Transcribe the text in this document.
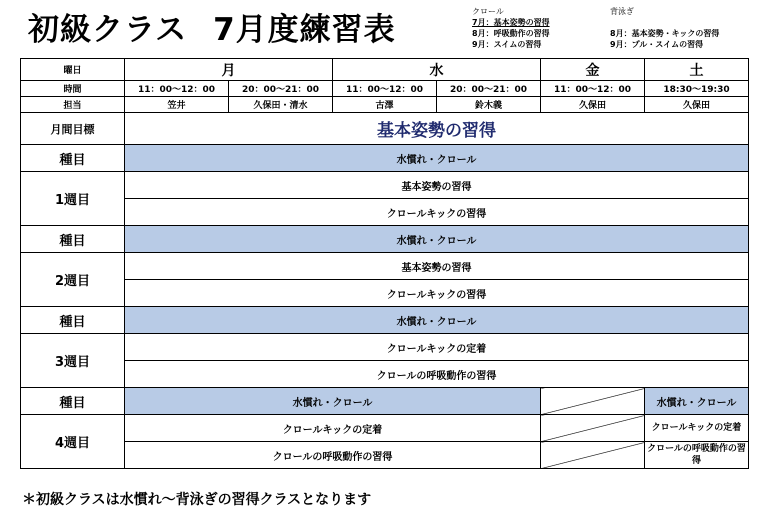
初級クラス 7月度練習表
クロール
7月：基本姿勢の習得
8月：呼吸動作の習得
9月：スイムの習得
背泳ぎ
8月：基本姿勢・キックの習得
9月：プル・スイムの習得
曜日	月		水		金	土
時間	11：00〜12：00	20：00〜21：00	11：00〜12：00	20：00〜21：00	11：00〜12：00	18:30〜19:30
担当	笠井	久保田・清水	古澤	鈴木義	久保田	久保田
月間目標	基本姿勢の習得					
種目	水慣れ・クロール					
1週目	基本姿勢の習得					
	クロールキックの習得					
種目	水慣れ・クロール					
2週目	基本姿勢の習得					
	クロールキックの習得					
種目	水慣れ・クロール					
3週目	クロールキックの定着					
	クロールの呼吸動作の習得					
種目	水慣れ・クロール					水慣れ・クロール
4週目	クロールキックの定着					クロールキックの定着
	クロールの呼吸動作の習得					クロールの呼吸動作の習得
＊初級クラスは水慣れ〜背泳ぎの習得クラスとなります
